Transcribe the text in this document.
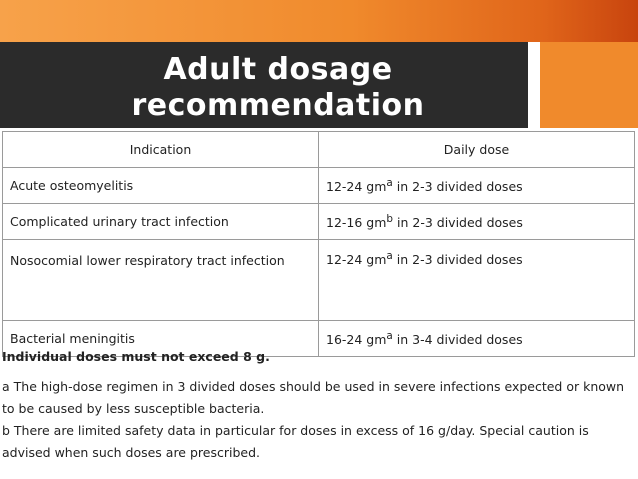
Adult dosage
recommendation
Indication	Daily dose
Acute osteomyelitis	12-24 $gm^a$ in 2-3 divided doses
Complicated urinary tract infection	12-16 $gm^b$ in 2-3 divided doses

Nosocomial lower respiratory tract infection	12-24 $gm^a$ in 2-3 divided doses
Bacterial meningitis	16-24 $gm^a$ in 3-4 divided doses
Individual doses must not exceed 8 g.

a The high-dose regimen in 3 divided doses should be used in severe infections expected or known to be caused by less susceptible bacteria.

b There are limited safety data in particular for doses in excess of 16 g/day. Special caution is advised when such doses are prescribed.
